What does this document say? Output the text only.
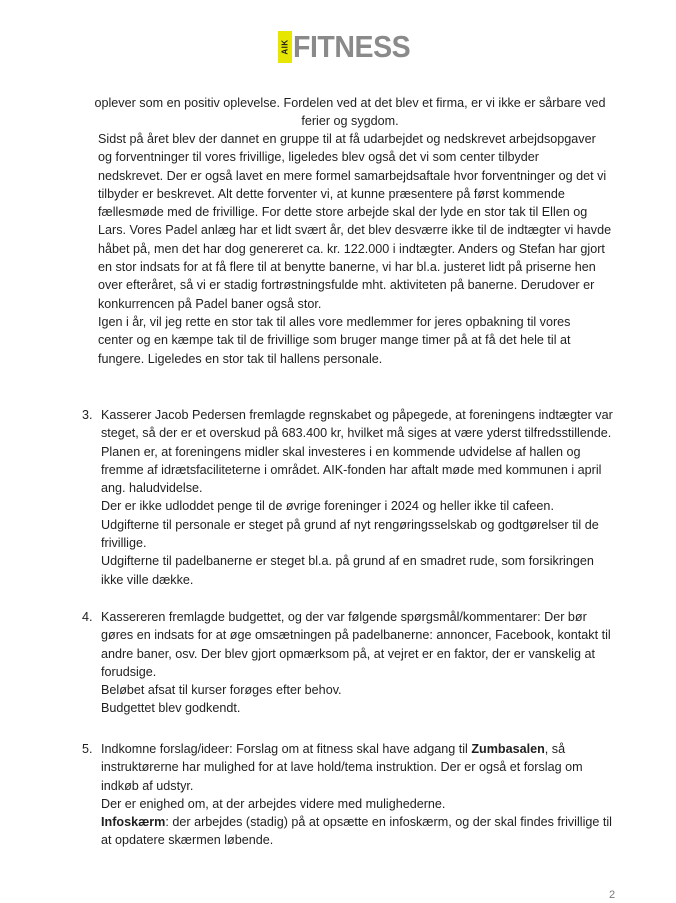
AIK FITNESS

oplever som en positiv oplevelse. Fordelen ved at det blev et firma, er vi ikke er sårbare ved
ferier og sygdom.

Sidst på året blev der dannet en gruppe til at få udarbejdet og nedskrevet arbejdsopgaver
og forventninger til vores frivillige, ligeledes blev også det vi som center tilbyder
nedskrevet. Der er også lavet en mere formel samarbejdsaftale hvor forventninger og det vi
tilbyder er beskrevet. Alt dette forventer vi, at kunne præsentere på først kommende
fællesmøde med de frivillige. For dette store arbejde skal der lyde en stor tak til Ellen og
Lars. Vores Padel anlæg har et lidt svært år, det blev desværre ikke til de indtægter vi havde
håbet på, men det har dog genereret ca. kr. 122.000 i indtægter. Anders og Stefan har gjort
en stor indsats for at få flere til at benytte banerne, vi har bl.a. justeret lidt på priserne hen
over efteråret, så vi er stadig fortrøstningsfulde mht. aktiviteten på banerne. Derudover er
konkurrencen på Padel baner også stor.
Igen i år, vil jeg rette en stor tak til alles vore medlemmer for jeres opbakning til vores
center og en kæmpe tak til de frivillige som bruger mange timer på at få det hele til at
fungere. Ligeledes en stor tak til hallens personale.

3. Kasserer Jacob Pedersen fremlagde regnskabet og påpegede, at foreningens indtægter var
steget, så der er et overskud på 683.400 kr, hvilket må siges at være yderst tilfredsstillende.
Planen er, at foreningens midler skal investeres i en kommende udvidelse af hallen og
fremme af idrætsfaciliteterne i området. AIK-fonden har aftalt møde med kommunen i april
ang. haludvidelse.
Der er ikke udloddet penge til de øvrige foreninger i 2024 og heller ikke til cafeen.
Udgifterne til personale er steget på grund af nyt rengøringsselskab og godtgørelser til de
frivillige.
Udgifterne til padelbanerne er steget bl.a. på grund af en smadret rude, som forsikringen
ikke ville dække.

4. Kassereren fremlagde budgettet, og der var følgende spørgsmål/kommentarer: Der bør
gøres en indsats for at øge omsætningen på padelbanerne: annoncer, Facebook, kontakt til
andre baner, osv. Der blev gjort opmærksom på, at vejret er en faktor, der er vanskelig at
forudsige.
Beløbet afsat til kurser forøges efter behov.
Budgettet blev godkendt.

5. Indkomne forslag/ideer: Forslag om at fitness skal have adgang til Zumbasalen, så
instruktørerne har mulighed for at lave hold/tema instruktion. Der er også et forslag om
indkøb af udstyr.
Der er enighed om, at der arbejdes videre med mulighederne.
Infoskærm: der arbejdes (stadig) på at opsætte en infoskærm, og der skal findes frivillige til
at opdatere skærmen løbende.
2
